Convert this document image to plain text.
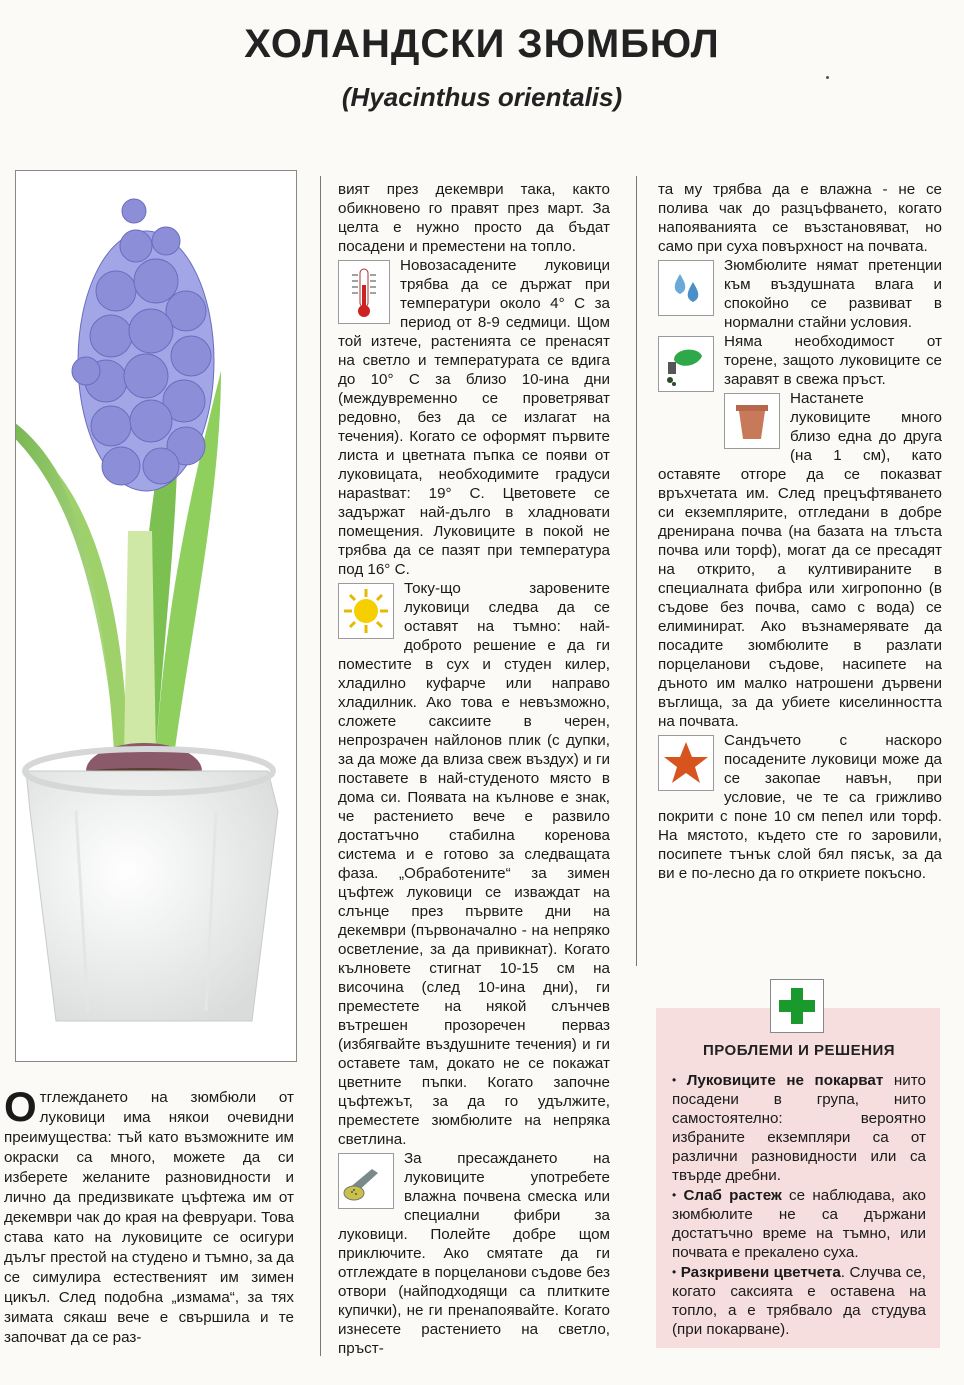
ХОЛАНДСКИ ЗЮМБЮЛ
(Hyacinthus orientalis)
Отглеждането на зюмбюли от луковици има някои очевидни преимущества: тъй като възможните им окраски са много, можете да си изберете желаните разновидности и лично да предизвикате цъфтежа им от декември чак до края на февруари. Това става като на луковиците се осигури дълъг престой на студено и тъмно, за да се симулира естественият им зимен цикъл. След подобна „измама“, за тях зимата сякаш вече е свършила и те започват да се раз-

вият през декември така, както обикновено го правят през март. За целта е нужно просто да бъдат посадени и преместени на топло.

Новозасадените луковици трябва да се държат при температури около 4° С за период от 8-9 седмици. Щом той изтече, растенията се пренасят на светло и температурата се вдига до 10° С за близо 10-ина дни (междувременно се проветряват редовно, без да се излагат на течения). Когато се оформят първите листа и цветната пъпка се появи от луковицата, необходимите градуси нараstват: 19° С. Цветовете се задържат най-дълго в хладновати помещения. Луковиците в покой не трябва да се пазят при температура под 16° С.

Току-що заровените луковици следва да се оставят на тъмно: най-доброто решение е да ги поместите в сух и студен килер, хладилно куфарче или направо хладилник. Ако това е невъзможно, сложете саксиите в черен, непрозрачен найлонов плик (с дупки, за да може да влиза свеж въздух) и ги поставете в най-студеното място в дома си. Появата на кълнове е знак, че растението вече е развило достатъчно стабилна коренова система и е готово за следващата фаза. „Обработените“ за зимен цъфтеж луковици се изваждат на слънце през първите дни на декември (първоначално - на непряко осветление, за да привикнат). Когато кълновете стигнат 10-15 см на височина (след 10-ина дни), ги преместете на някой слънчев вътрешен прозоречен перваз (избягвайте въздушните течения) и ги оставете там, докато не се покажат цветните пъпки. Когато започне цъфтежът, за да го удължите, преместете зюмбюлите на непряка светлина.

За пресаждането на луковиците употребете влажна почвена смеска или специални фибри за луковици. Полейте добре щом приключите. Ако смятате да ги отглеждате в порцеланови съдове без отвори (найподходящи са плитките купички), не ги пренапоявайте. Когато изнесете растението на светло, пръст-

та му трябва да е влажна - не се полива чак до разцъфването, когато напояванията се възстановяват, но само при суха повърхност на почвата.

Зюмбюлите нямат претенции към въздушната влага и спокойно се развиват в нормални стайни условия.

Няма необходимост от торене, защото луковиците се заравят в свежа пръст.

Настанете луковиците много близо една до друга (на 1 см), като оставяте отгоре да се показват връхчетата им. След прецъфтяването си екземплярите, отгледани в добре дренирана почва (на базата на тлъста почва или торф), могат да се пресадят на открито, а култивираните в специалната фибра или хигропонно (в съдове без почва, само с вода) се елиминират. Ако възнамерявате да посадите зюмбюлите в разлати порцеланови съдове, насипете на дъното им малко натрошени дървени въглища, за да убиете киселинността на почвата.

Сандъчето с наскоро посадените луковици може да се закопае навън, при условие, че те са грижливо покрити с поне 10 см пепел или торф. На мястото, където сте го заровили, посипете тънък слой бял пясък, за да ви е по-лесно да го откриете покъсно.

ПРОБЛЕМИ И РЕШЕНИЯ

• Луковиците не покарват нито посадени в група, нито самостоятелно: вероятно избраните екземпляри са от различни разновидности или са твърде дребни.

• Слаб растеж се наблюдава, ако зюмбюлите не са държани достатъчно време на тъмно, или почвата е прекалено суха.

• Разкривени цветчета. Случва се, когато саксията е оставена на топло, а е трябвало да студува (при покарване).
